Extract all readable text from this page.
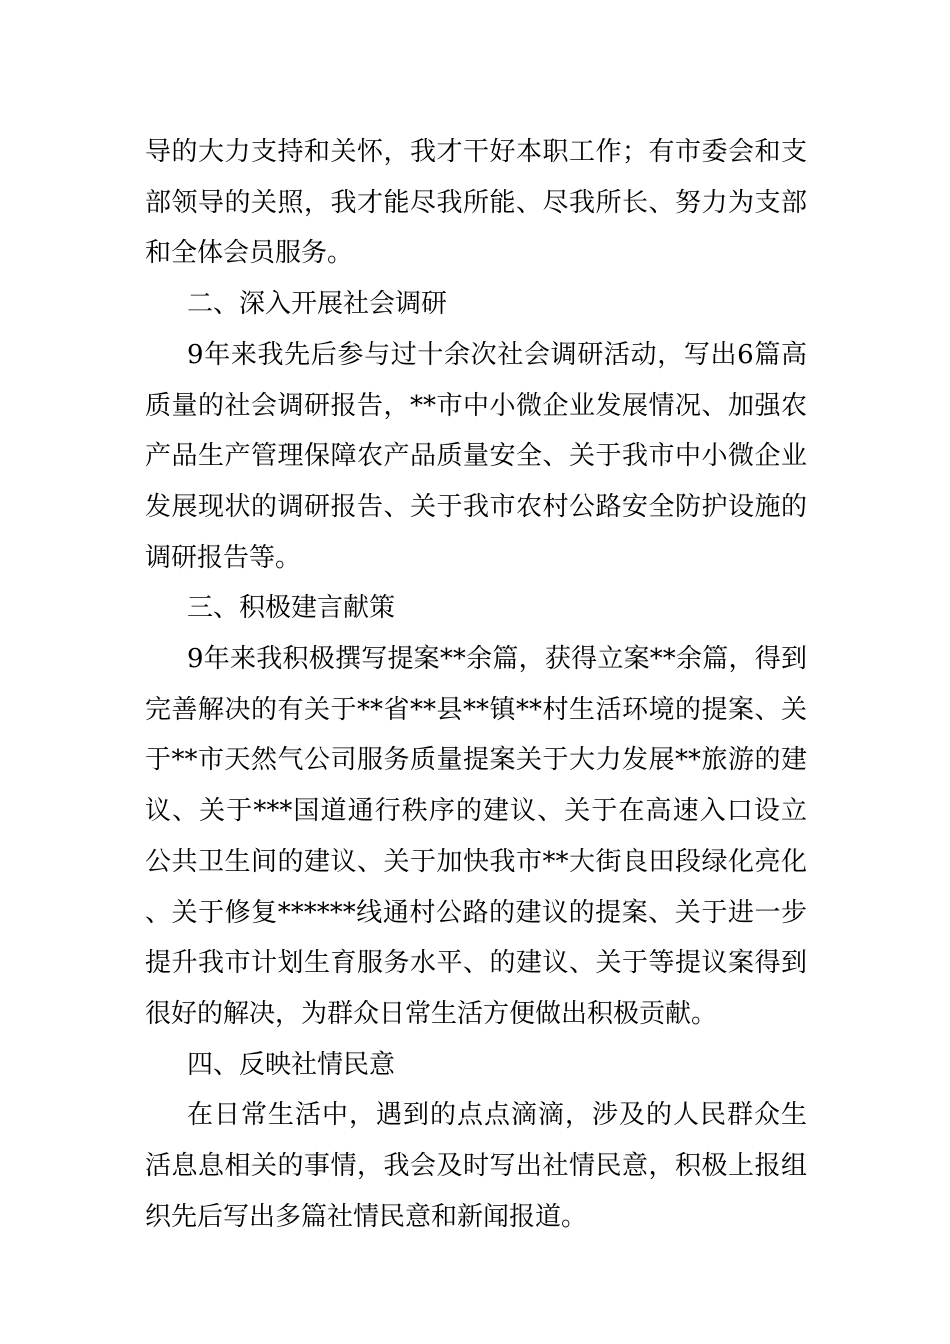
导的大力支持和关怀，我才干好本职工作；有市委会和支部领导的关照，我才能尽我所能、尽我所长、努力为支部和全体会员服务。

二、深入开展社会调研

9年来我先后参与过十余次社会调研活动，写出6篇高质量的社会调研报告，**市中小微企业发展情况、加强农产品生产管理保障农产品质量安全、关于我市中小微企业发展现状的调研报告、关于我市农村公路安全防护设施的调研报告等。

三、积极建言献策

9年来我积极撰写提案**余篇，获得立案**余篇，得到完善解决的有关于**省**县**镇**村生活环境的提案、关于**市天然气公司服务质量提案关于大力发展**旅游的建议、关于***国道通行秩序的建议、关于在高速入口设立公共卫生间的建议、关于加快我市**大街良田段绿化亮化、关于修复******线通村公路的建议的提案、关于进一步提升我市计划生育服务水平、的建议、关于等提议案得到很好的解决，为群众日常生活方便做出积极贡献。

四、反映社情民意

在日常生活中，遇到的点点滴滴，涉及的人民群众生活息息相关的事情，我会及时写出社情民意，积极上报组织先后写出多篇社情民意和新闻报道。
